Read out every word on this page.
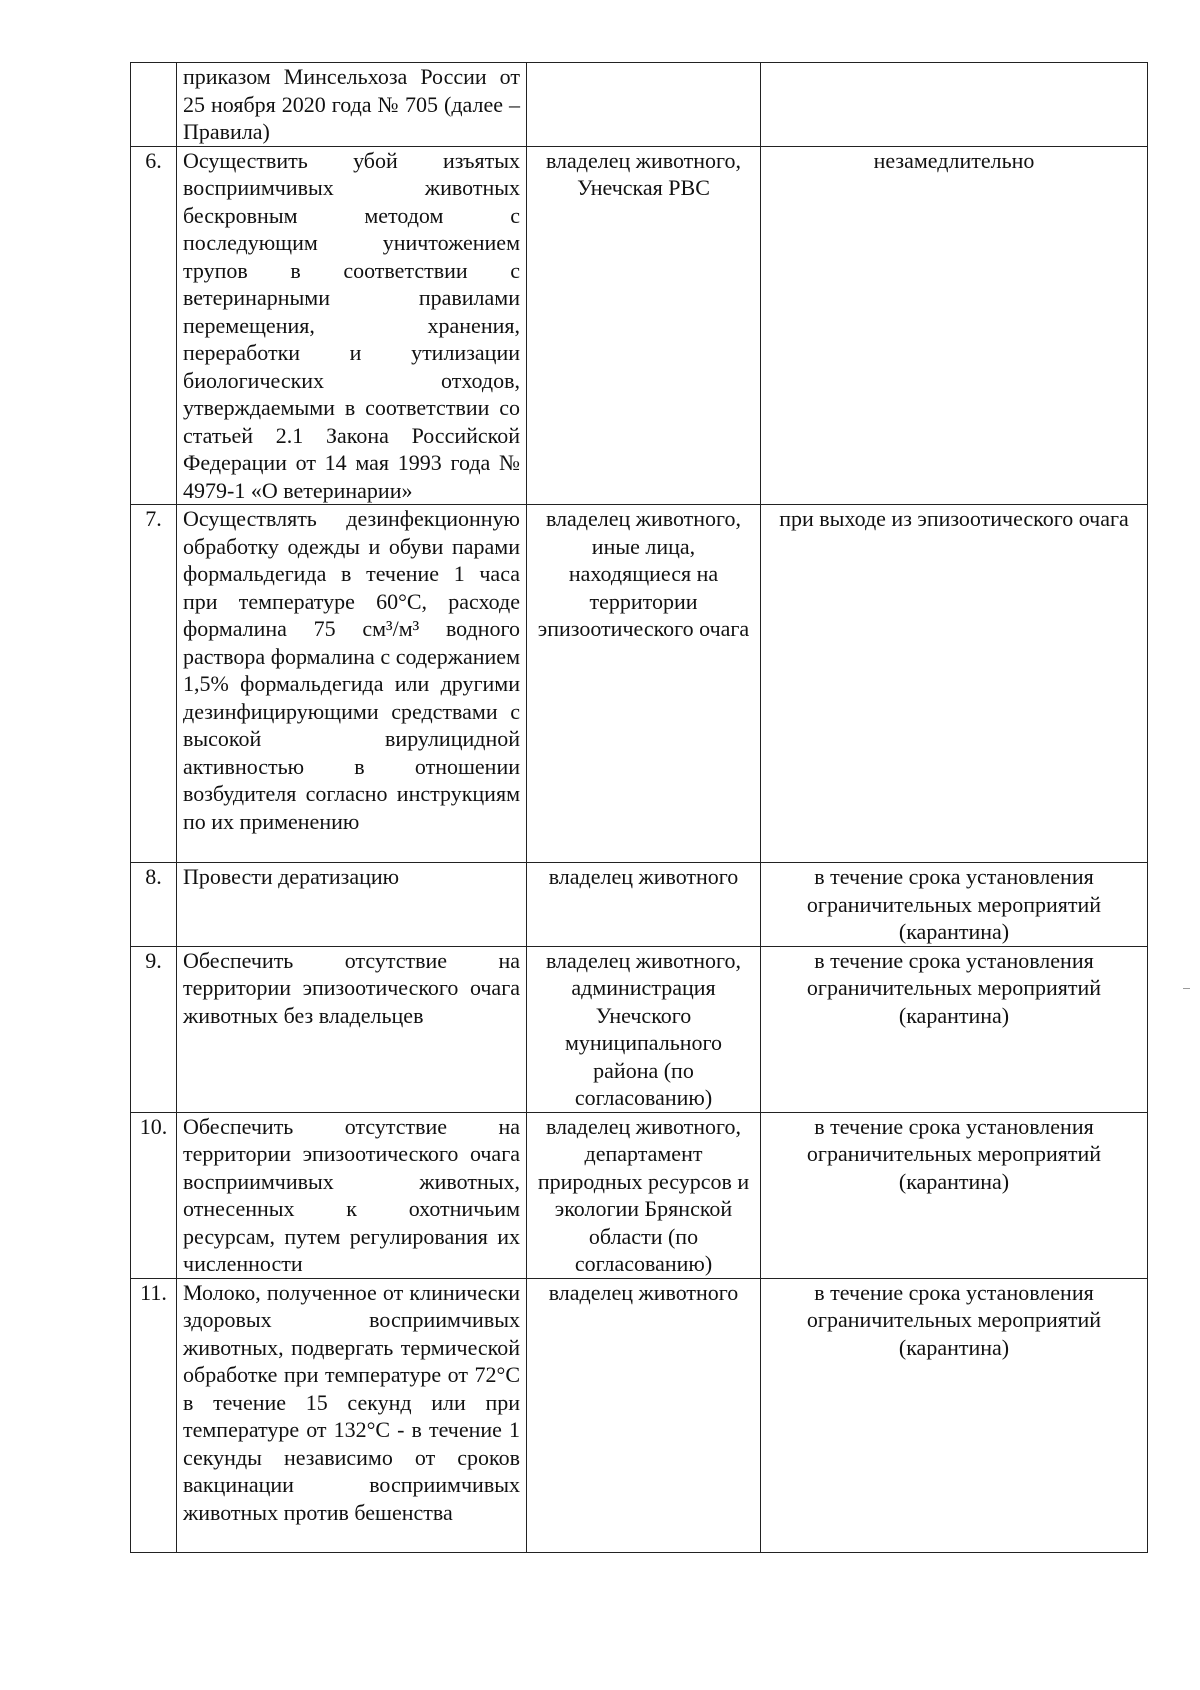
	приказом Минсельхоза России от 25 ноября 2020 года № 705 (далее – Правила)		
6.	Осуществить убой изъятых восприимчивых животных бескровным методом с последующим уничтожением трупов в соответствии с ветеринарными правилами перемещения, хранения, переработки и утилизации биологических отходов, утверждаемыми в соответствии со статьей 2.1 Закона Российской Федерации от 14 мая 1993 года № 4979-1 «О ветеринарии»	владелец животного, Унечская РВС	незамедлительно
7.	Осуществлять дезинфекционную обработку одежды и обуви парами формальдегида в течение 1 часа при температуре 60°С, расходе формалина 75 см³/м³ водного раствора формалина с содержанием 1,5% формальдегида или другими дезинфицирующими средствами с высокой вирулицидной активностью в отношении возбудителя согласно инструкциям по их применению	владелец животного, иные лица, находящиеся на территории эпизоотического очага	при выходе из эпизоотического очага
8.	Провести дератизацию	владелец животного	в течение срока установления ограничительных мероприятий (карантина)
9.	Обеспечить отсутствие на территории эпизоотического очага животных без владельцев	владелец животного, администрация Унечского муниципального района (по согласованию)	в течение срока установления ограничительных мероприятий (карантина)
10.	Обеспечить отсутствие на территории эпизоотического очага восприимчивых животных, отнесенных к охотничьим ресурсам, путем регулирования их численности	владелец животного, департамент природных ресурсов и экологии Брянской области (по согласованию)	в течение срока установления ограничительных мероприятий (карантина)
11.	Молоко, полученное от клинически здоровых восприимчивых животных, подвергать термической обработке при температуре от 72°С в течение 15 секунд или при температуре от 132°С - в течение 1 секунды независимо от сроков вакцинации восприимчивых животных против бешенства	владелец животного	в течение срока установления ограничительных мероприятий (карантина)
